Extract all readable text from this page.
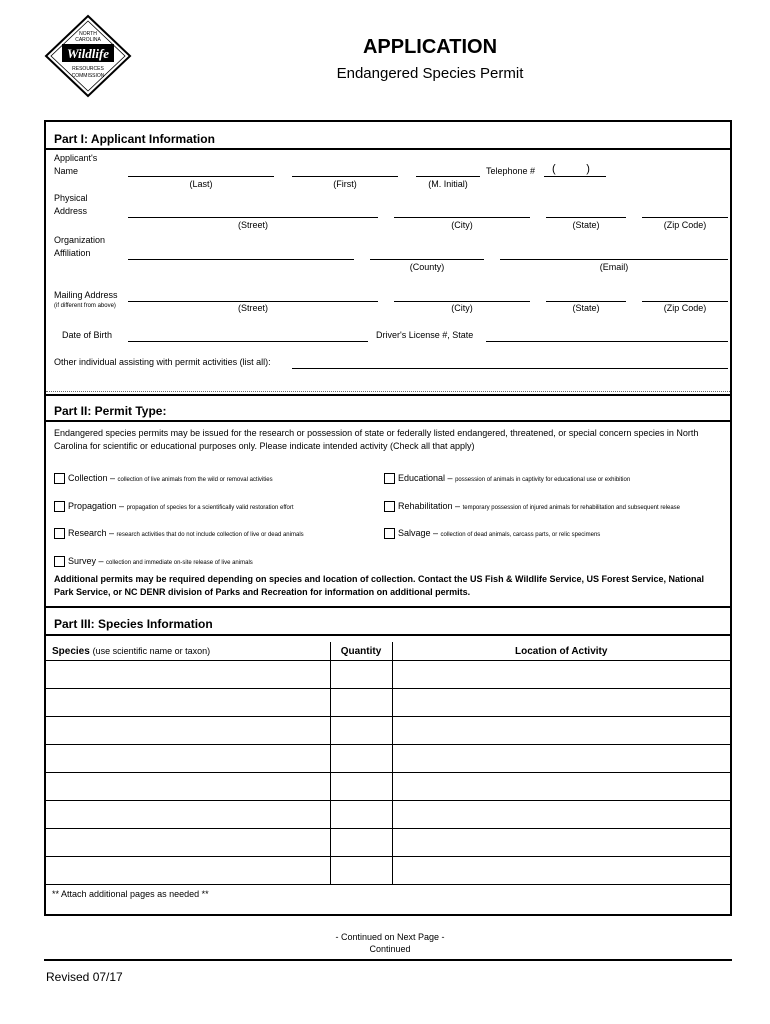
NORTH
CAROLINA
Wildlife
RESOURCES
COMMISSION
APPLICATION
Endangered Species Permit
Part I: Applicant Information
Applicant's
Name
(Last)	(First)	(M. Initial)
Telephone # (          )
Physical
Address
(Street)	(City)	(State)	(Zip Code)
Organization
Affiliation
(County)	(Email)
Mailing Address
(if different from above)	(Street)	(City)	(State)	(Zip Code)
Date of Birth	Driver's License #, State
Other individual assisting with permit activities (list all):
Part II: Permit Type:
Endangered species permits may be issued for the research or possession of state or federally listed endangered, threatened, or special concern species in North Carolina for scientific or educational purposes only. Please indicate intended activity (Check all that apply)
Collection – collection of live animals from the wild or removal activities	Educational – possession of animals in captivity for educational use or exhibition
Propagation – propagation of species for a scientifically valid restoration effort	Rehabilitation – temporary possession of injured animals for rehabilitation and subsequent release
Research – research activities that do not include collection of live or dead animals	Salvage – collection of dead animals, carcass parts, or relic specimens
Survey – collection and immediate on-site release of live animals
Additional permits may be required depending on species and location of collection. Contact the US Fish & Wildlife Service, US Forest Service, National Park Service, or NC DENR division of Parks and Recreation for information on additional permits.
Part III: Species Information
Species (use scientific name or taxon)	Quantity	Location of Activity

** Attach additional pages as needed **		
- Continued on Next Page -
Continued
Revised 07/17
